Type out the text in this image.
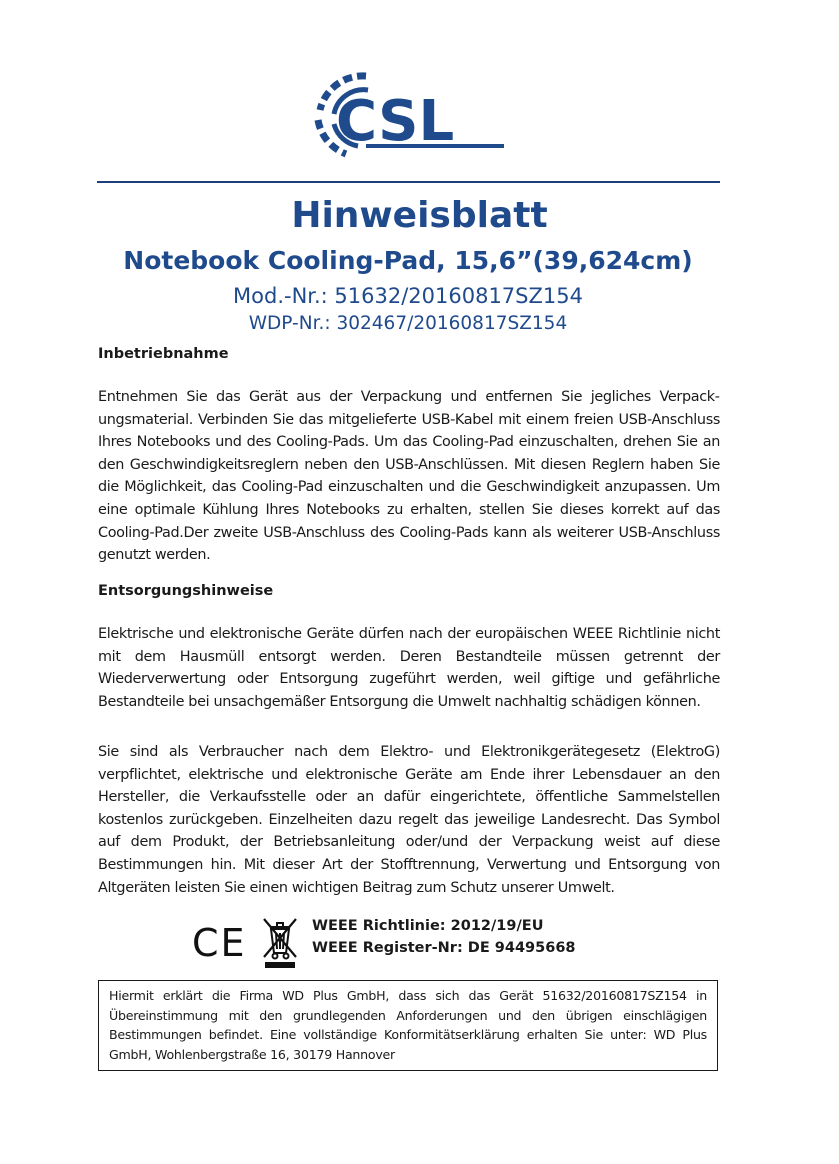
CSL
Hinweisblatt
Notebook Cooling-Pad, 15,6”(39,624cm)
Mod.-Nr.: 51632/20160817SZ154
WDP-Nr.: 302467/20160817SZ154
Inbetriebnahme
Entnehmen Sie das Gerät aus der Verpackung und entfernen Sie jegliches Verpackungsmaterial. Verbinden Sie das mitgelieferte USB-Kabel mit einem freien USB-Anschluss Ihres Notebooks und des Cooling-Pads. Um das Cooling-Pad einzuschalten, drehen Sie an den Geschwindigkeitsreglern neben den USB-Anschlüssen. Mit diesen Reglern haben Sie die Möglichkeit, das Cooling-Pad einzuschalten und die Geschwindigkeit anzupassen. Um eine optimale Kühlung Ihres Notebooks zu erhalten, stellen Sie dieses korrekt auf das Cooling-Pad.Der zweite USB-Anschluss des Cooling-Pads kann als weiterer USB-Anschluss genutzt werden.
Entsorgungshinweise
Elektrische und elektronische Geräte dürfen nach der europäischen WEEE Richtlinie nicht mit dem Hausmüll entsorgt werden. Deren Bestandteile müssen getrennt der Wiederverwertung oder Entsorgung zugeführt werden, weil giftige und gefährliche Bestandteile bei unsachgemäßer Entsorgung die Umwelt nachhaltig schädigen können.
Sie sind als Verbraucher nach dem Elektro- und Elektronikgerätegesetz (ElektroG) verpflichtet, elektrische und elektronische Geräte am Ende ihrer Lebensdauer an den Hersteller, die Verkaufsstelle oder an dafür eingerichtete, öffentliche Sammelstellen kostenlos zurückgeben. Einzelheiten dazu regelt das jeweilige Landesrecht. Das Symbol auf dem Produkt, der Betriebsanleitung oder/und der Verpackung weist auf diese Bestimmungen hin. Mit dieser Art der Stofftrennung, Verwertung und Entsorgung von Altgeräten leisten Sie einen wichtigen Beitrag zum Schutz unserer Umwelt.
CE	WEEE Richtlinie: 2012/19/EU
WEEE Register-Nr: DE 94495668
Hiermit erklärt die Firma WD Plus GmbH, dass sich das Gerät 51632/20160817SZ154 in Übereinstimmung mit den grundlegenden Anforderungen und den übrigen einschlägigen Bestimmungen befindet. Eine vollständige Konformitätserklärung erhalten Sie unter: WD Plus GmbH, Wohlenbergstraße 16, 30179 Hannover
